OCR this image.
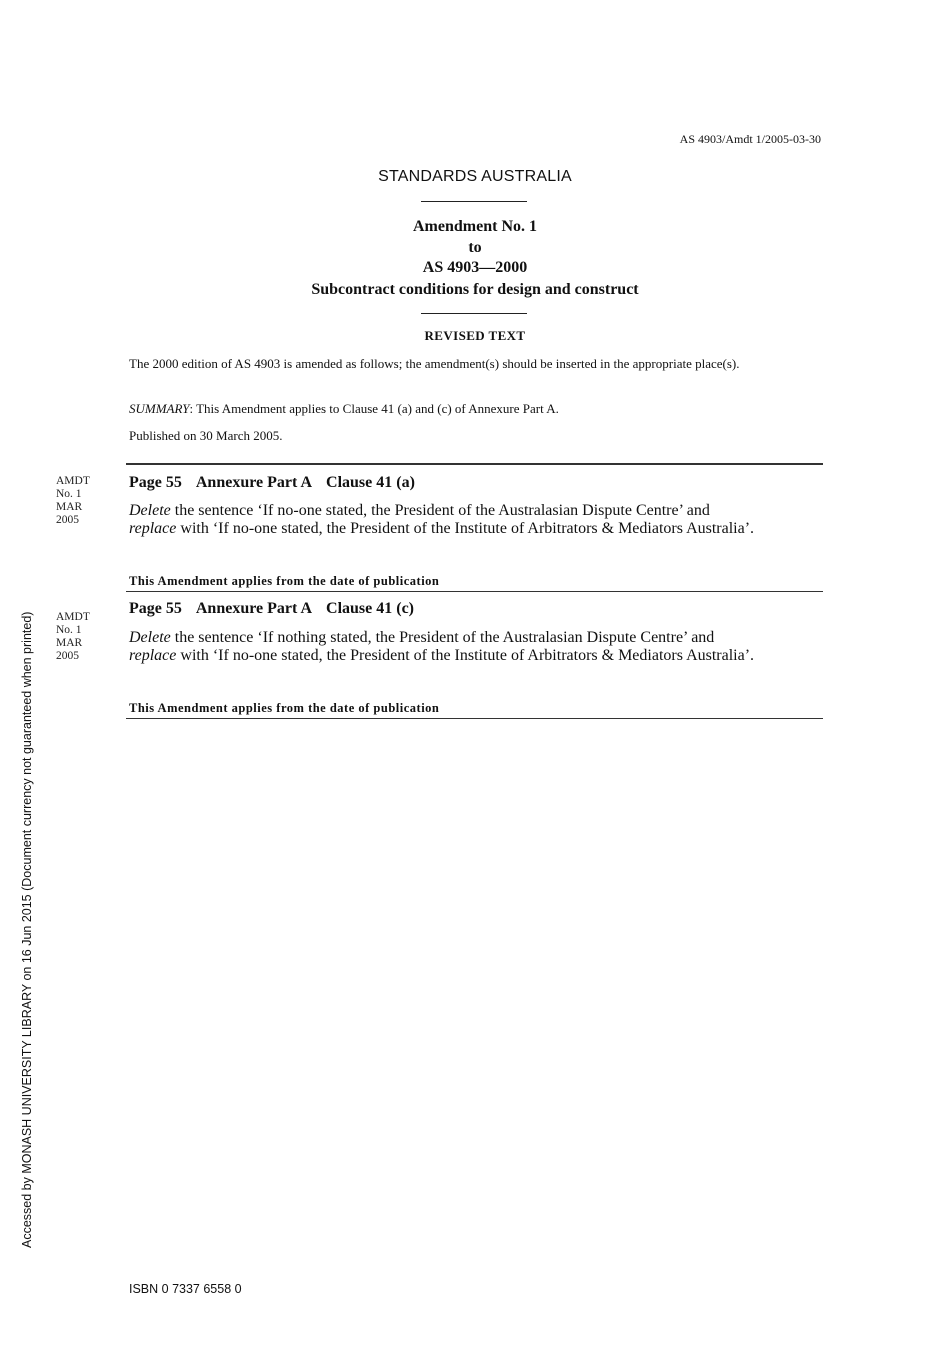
AS 4903/Amdt 1/2005-03-30
STANDARDS AUSTRALIA
Amendment No. 1
to
AS 4903—2000
Subcontract conditions for design and construct
REVISED TEXT
The 2000 edition of AS 4903 is amended as follows; the amendment(s) should be inserted in the appropriate place(s).
SUMMARY: This Amendment applies to Clause 41 (a) and (c) of Annexure Part A.
Published on 30 March 2005.
AMDT
No. 1
MAR
2005
Page 55 Annexure Part A Clause 41 (a)
Delete the sentence ‘If no-one stated, the President of the Australasian Dispute Centre’ and
replace with ‘If no-one stated, the President of the Institute of Arbitrators & Mediators Australia’.
This Amendment applies from the date of publication
AMDT
No. 1
MAR
2005
Page 55 Annexure Part A Clause 41 (c)
Delete the sentence ‘If nothing stated, the President of the Australasian Dispute Centre’ and
replace with ‘If no-one stated, the President of the Institute of Arbitrators & Mediators Australia’.
This Amendment applies from the date of publication
Accessed by MONASH UNIVERSITY LIBRARY on 16 Jun 2015 (Document currency not guaranteed when printed)
ISBN 0 7337 6558 0
